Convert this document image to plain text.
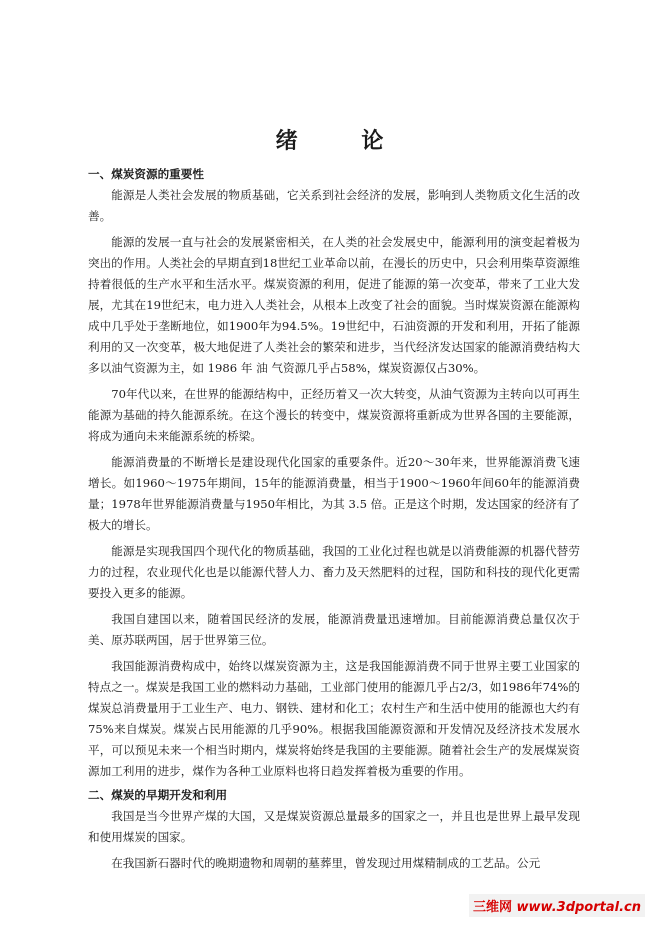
绪 论
一、煤炭资源的重要性

能源是人类社会发展的物质基础，它关系到社会经济的发展，影响到人类物质文化生活的改善。

能源的发展一直与社会的发展紧密相关，在人类的社会发展史中，能源利用的演变起着极为突出的作用。人类社会的早期直到18世纪工业革命以前，在漫长的历史中，只会利用柴草资源维持着很低的生产水平和生活水平。煤炭资源的利用，促进了能源的第一次变革，带来了工业大发展，尤其在19世纪末，电力进入人类社会，从根本上改变了社会的面貌。当时煤炭资源在能源构成中几乎处于垄断地位，如1900年为94.5%。19世纪中，石油资源的开发和利用，开拓了能源利用的又一次变革，极大地促进了人类社会的繁荣和进步，当代经济发达国家的能源消费结构大多以油气资源为主，如 1986 年 油 气资源几乎占58%，煤炭资源仅占30%。

70年代以来，在世界的能源结构中，正经历着又一次大转变，从油气资源为主转向以可再生能源为基础的持久能源系统。在这个漫长的转变中，煤炭资源将重新成为世界各国的主要能源，将成为通向未来能源系统的桥梁。

能源消费量的不断增长是建设现代化国家的重要条件。近20～30年来，世界能源消费飞速增长。如1960～1975年期间，15年的能源消费量，相当于1900～1960年间60年的能源消费量；1978年世界能源消费量与1950年相比，为其 3.5 倍。正是这个时期，发达国家的经济有了极大的增长。

能源是实现我国四个现代化的物质基础，我国的工业化过程也就是以消费能源的机器代替劳力的过程，农业现代化也是以能源代替人力、畜力及天然肥料的过程，国防和科技的现代化更需要投入更多的能源。

我国自建国以来，随着国民经济的发展，能源消费量迅速增加。目前能源消费总量仅次于美、原苏联两国，居于世界第三位。

我国能源消费构成中，始终以煤炭资源为主，这是我国能源消费不同于世界主要工业国家的特点之一。煤炭是我国工业的燃料动力基础，工业部门使用的能源几乎占2/3，如1986年74%的煤炭总消费量用于工业生产、电力、钢铁、建材和化工；农村生产和生活中使用的能源也大约有75%来自煤炭。煤炭占民用能源的几乎90%。根据我国能源资源和开发情况及经济技术发展水平，可以预见未来一个相当时期内，煤炭将始终是我国的主要能源。随着社会生产的发展煤炭资源加工利用的进步，煤作为各种工业原料也将日趋发挥着极为重要的作用。

二、煤炭的早期开发和利用

我国是当今世界产煤的大国，又是煤炭资源总量最多的国家之一，并且也是世界上最早发现和使用煤炭的国家。

在我国新石器时代的晚期遗物和周朝的墓葬里，曾发现过用煤精制成的工艺品。公元

三维网 www.3dportal.cn
